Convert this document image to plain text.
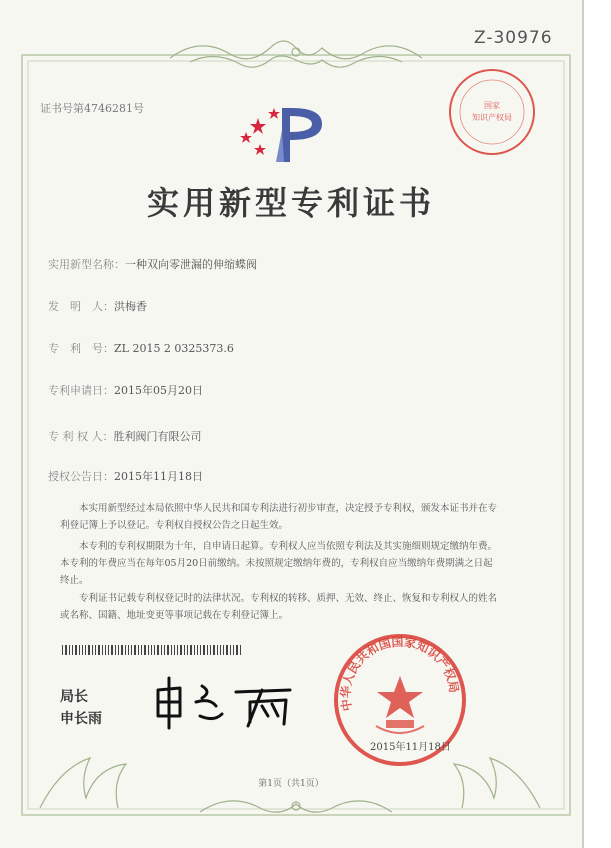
Z-30976
国家
知识产权局
证书号第4746281号
实用新型专利证书
实用新型名称：一种双向零泄漏的伸缩蝶阀
发　明　人：洪梅香
专　利　号：ZL 2015 2 0325373.6
专利申请日：2015年05月20日
专 利 权 人：胜利阀门有限公司
授权公告日：2015年11月18日
本实用新型经过本局依照中华人民共和国专利法进行初步审查，决定授予专利权，颁发本证书并在专利登记簿上予以登记。专利权自授权公告之日起生效。
本专利的专利权期限为十年，自申请日起算。专利权人应当依照专利法及其实施细则规定缴纳年费。本专利的年费应当在每年05月20日前缴纳。未按照规定缴纳年费的，专利权自应当缴纳年费期满之日起终止。
专利证书记载专利权登记时的法律状况。专利权的转移、质押、无效、终止、恢复和专利权人的姓名或名称、国籍、地址变更等事项记载在专利登记簿上。
局长
申长雨
中华人民共和国国家知识产权局
2015年11月18日
第1页（共1页）
